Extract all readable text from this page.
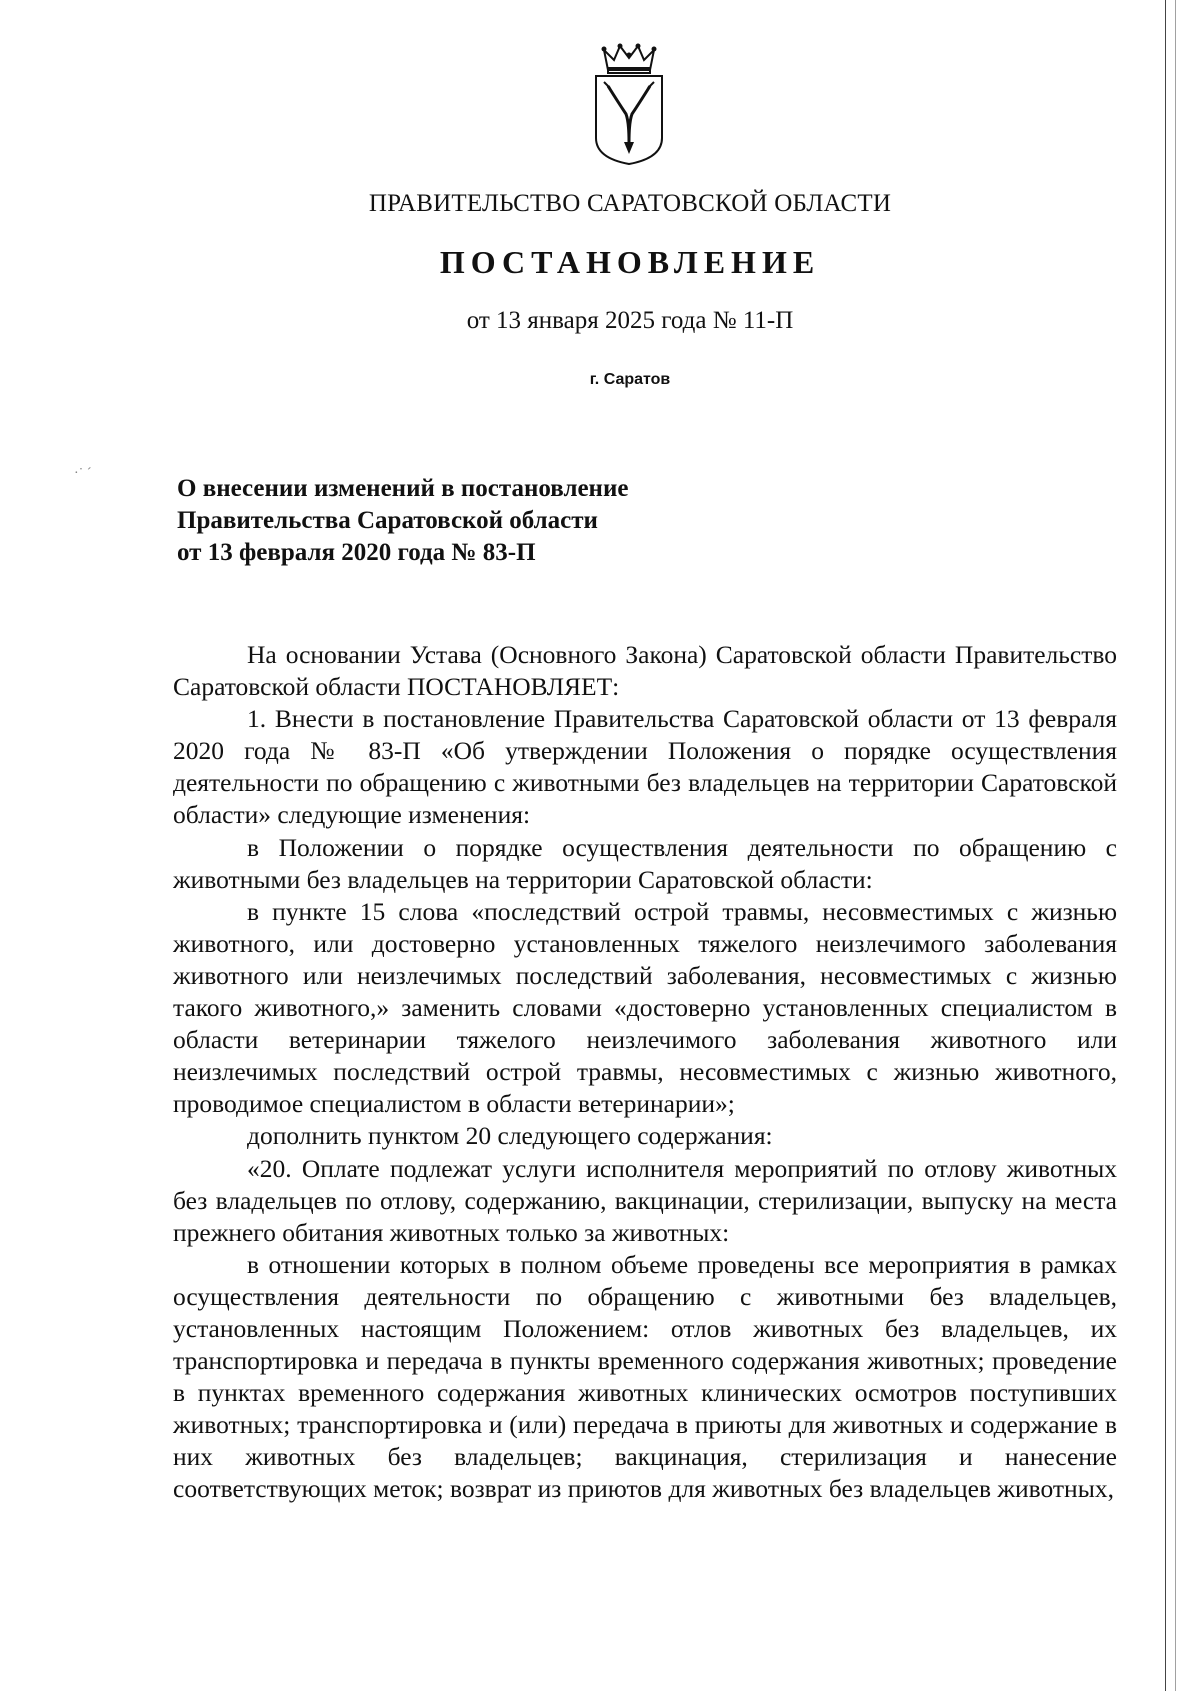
ПРАВИТЕЛЬСТВО САРАТОВСКОЙ ОБЛАСТИ
ПОСТАНОВЛЕНИЕ
от 13 января 2025 года № 11-П
г. Саратов
·˙ ˊ
О внесении изменений в постановление
Правительства Саратовской области
от 13 февраля 2020 года № 83-П

На основании Устава (Основного Закона) Саратовской области Правительство Саратовской области ПОСТАНОВЛЯЕТ:

1. Внести в постановление Правительства Саратовской области от 13 февраля 2020 года № 83-П «Об утверждении Положения о порядке осуществления деятельности по обращению с животными без владельцев на территории Саратовской области» следующие изменения:

в Положении о порядке осуществления деятельности по обращению с животными без владельцев на территории Саратовской области:

в пункте 15 слова «последствий острой травмы, несовместимых с жизнью животного, или достоверно установленных тяжелого неизлечимого заболевания животного или неизлечимых последствий заболевания, несовместимых с жизнью такого животного,» заменить словами «достоверно установленных специалистом в области ветеринарии тяжелого неизлечимого заболевания животного или неизлечимых последствий острой травмы, несовместимых с жизнью животного, проводимое специалистом в области ветеринарии»;

дополнить пунктом 20 следующего содержания:

«20. Оплате подлежат услуги исполнителя мероприятий по отлову животных без владельцев по отлову, содержанию, вакцинации, стерилизации, выпуску на места прежнего обитания животных только за животных:

в отношении которых в полном объеме проведены все мероприятия в рамках осуществления деятельности по обращению с животными без владельцев, установленных настоящим Положением: отлов животных без владельцев, их транспортировка и передача в пункты временного содержания животных; проведение в пунктах временного содержания животных клинических осмотров поступивших животных; транспортировка и (или) передача в приюты для животных и содержание в них животных без владельцев; вакцинация, стерилизация и нанесение соответствующих меток; возврат из приютов для животных без владельцев животных,
